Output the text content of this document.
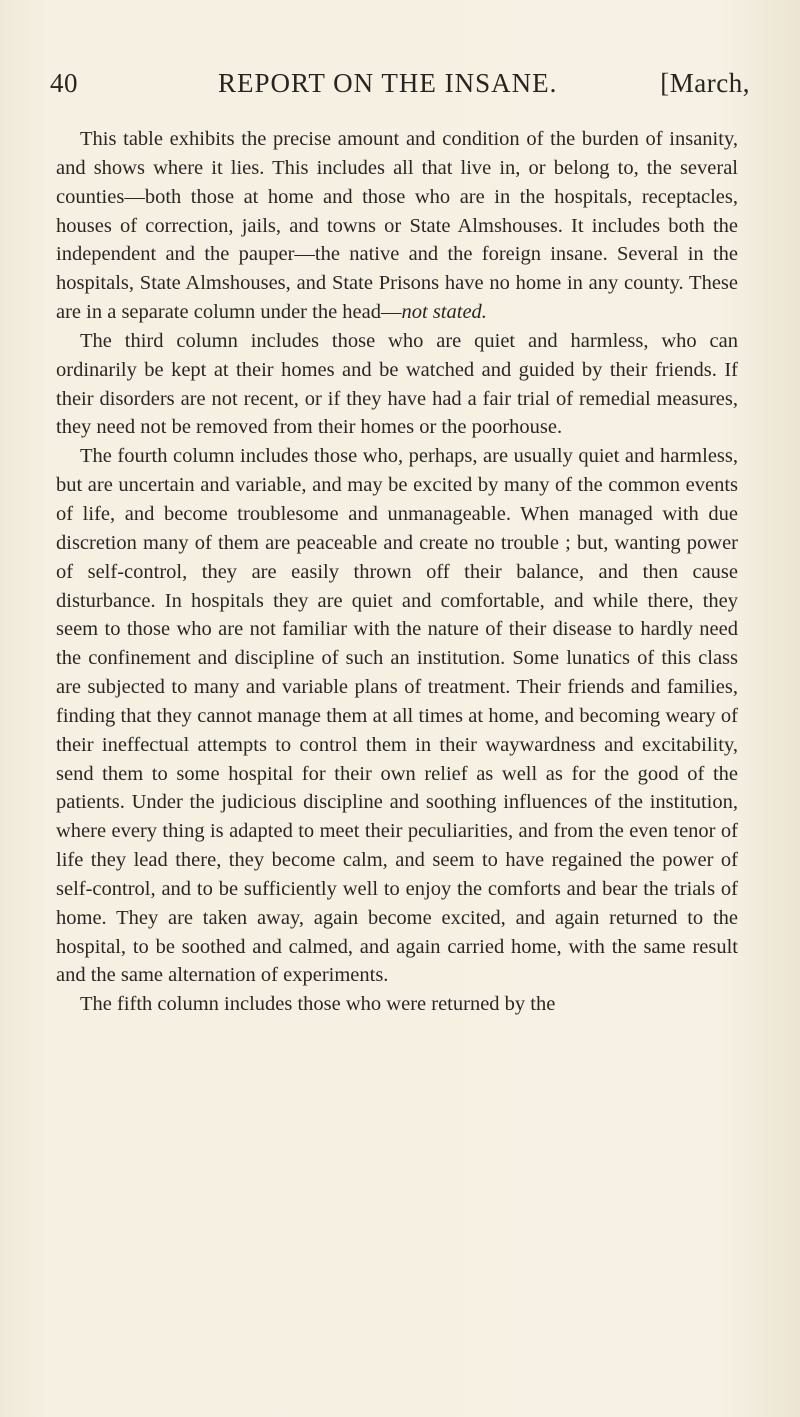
40	REPORT ON THE INSANE.	[March,

This table exhibits the precise amount and condition of the burden of insanity, and shows where it lies. This includes all that live in, or belong to, the several counties—both those at home and those who are in the hospitals, receptacles, houses of correction, jails, and towns or State Almshouses. It includes both the independent and the pauper—the native and the foreign insane. Several in the hospitals, State Almshouses, and State Prisons have no home in any county. These are in a separate column under the head—not stated.

The third column includes those who are quiet and harmless, who can ordinarily be kept at their homes and be watched and guided by their friends. If their disorders are not recent, or if they have had a fair trial of remedial measures, they need not be removed from their homes or the poorhouse.

The fourth column includes those who, perhaps, are usually quiet and harmless, but are uncertain and variable, and may be excited by many of the common events of life, and become troublesome and unmanageable. When managed with due discretion many of them are peaceable and create no trouble ; but, wanting power of self-control, they are easily thrown off their balance, and then cause disturbance. In hospitals they are quiet and comfortable, and while there, they seem to those who are not familiar with the nature of their disease to hardly need the confinement and discipline of such an institution. Some lunatics of this class are subjected to many and variable plans of treatment. Their friends and families, finding that they cannot manage them at all times at home, and becoming weary of their ineffectual attempts to control them in their waywardness and excitability, send them to some hospital for their own relief as well as for the good of the patients. Under the judicious discipline and soothing influences of the institution, where every thing is adapted to meet their peculiarities, and from the even tenor of life they lead there, they become calm, and seem to have regained the power of self-control, and to be sufficiently well to enjoy the comforts and bear the trials of home. They are taken away, again become excited, and again returned to the hospital, to be soothed and calmed, and again carried home, with the same result and the same alternation of experiments.

The fifth column includes those who were returned by the
